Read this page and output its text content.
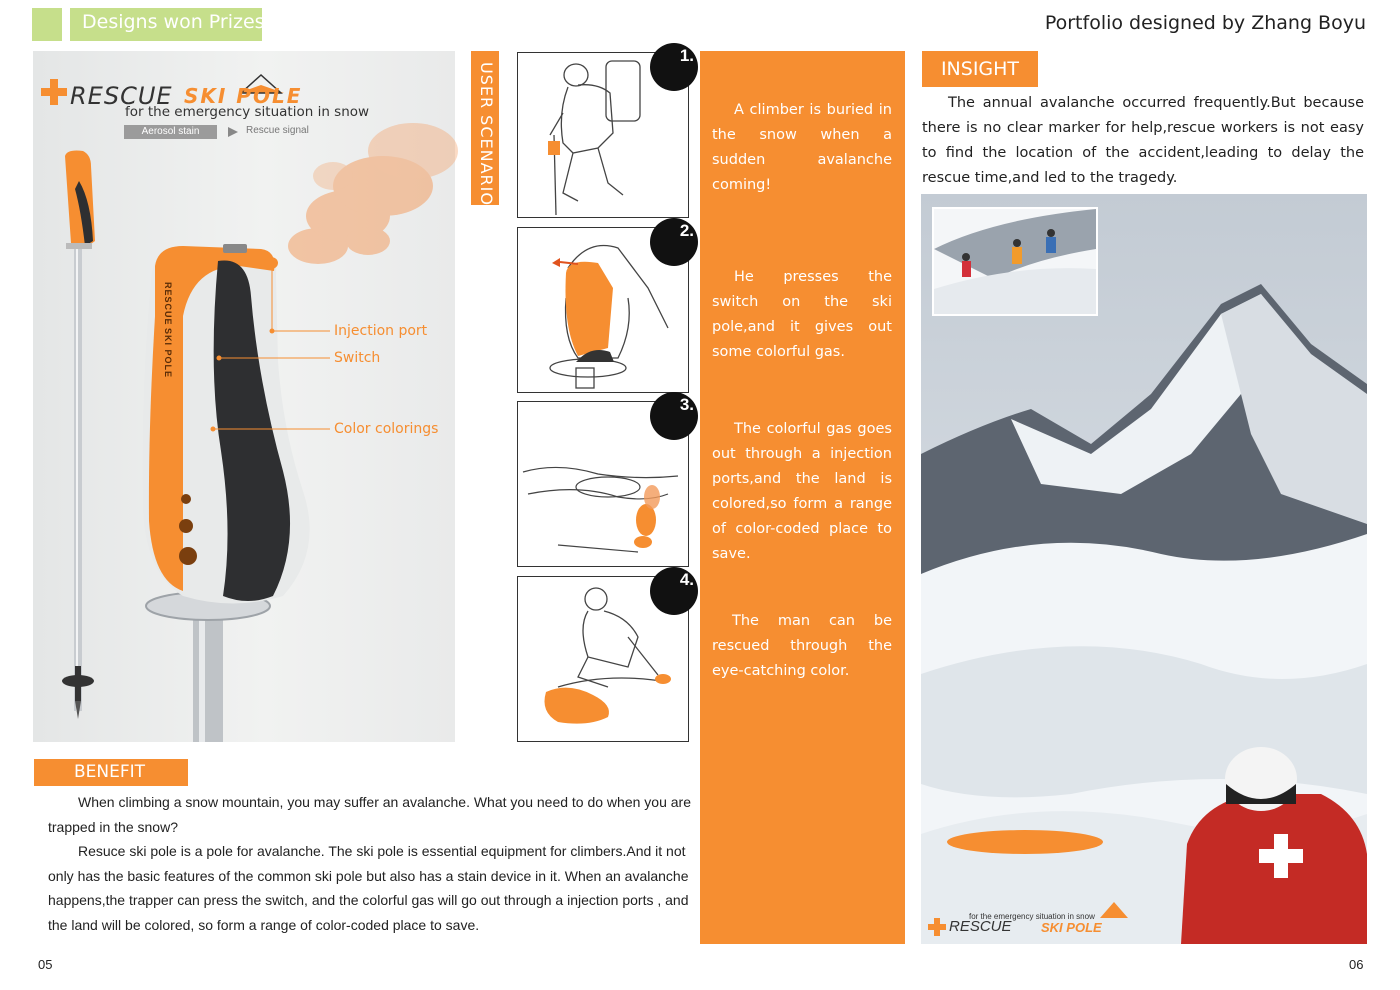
Designs won Prizes	Portfolio designed by Zhang Boyu
RESCUE SKI POLE
for the emergency situation in snow
Aerosol stain	Rescue signal
RESCUE
SKI POLE	Injection port
Switch
Color colorings
USER SCENARIO
1.
2.
3.
4.
A climber is buried in the snow when a sudden avalanche coming!
He presses the switch on the ski pole,and it gives out some colorful gas.
The colorful gas goes out through a injection ports,and the land is colored,so form a range of color-coded place to save.
The man can be rescued through the eye-catching color.
INSIGHT
The annual avalanche occurred frequently.But because there is no clear marker for help,rescue workers is not easy to find the location of the accident,leading to delay the rescue time,and led to the tragedy.
for the emergency situation in snow
RESCUE SKI POLE
BENEFIT

When climbing a snow mountain, you may suffer an avalanche. What you need to do when you are trapped in the snow?

Resuce ski pole is a pole for avalanche. The ski pole is essential equipment for climbers.And it not only has the basic features of the common ski pole but also has a stain device in it. When an avalanche happens,the trapper can press the switch, and the colorful gas will go out through a injection ports , and the land will be colored, so form a range of color-coded place to save.

05	06
